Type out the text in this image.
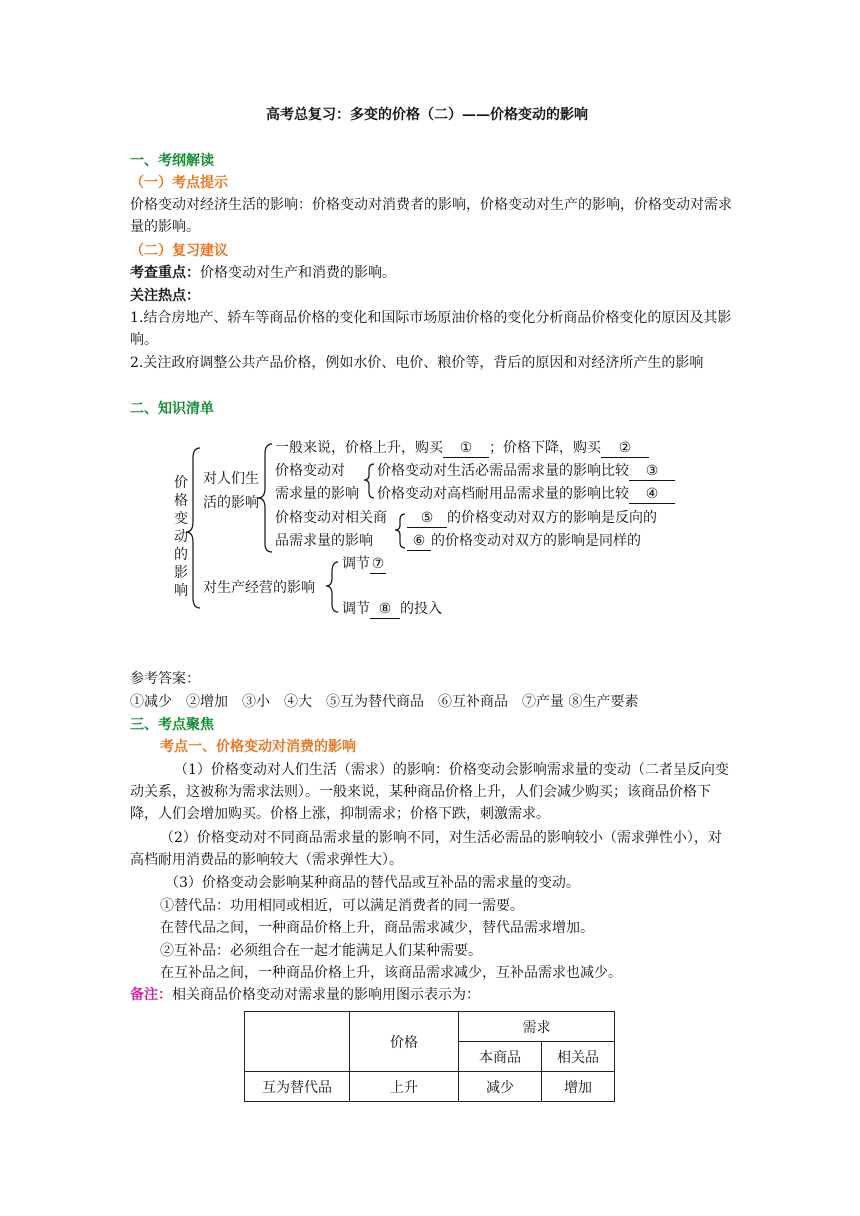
高考总复习：多变的价格（二）——价格变动的影响
一、考纲解读
（一）考点提示
价格变动对经济生活的影响：价格变动对消费者的影响，价格变动对生产的影响，价格变动对需求量的影响。
（二）复习建议
考查重点：价格变动对生产和消费的影响。
关注热点：
1.结合房地产、轿车等商品价格的变化和国际市场原油价格的变化分析商品价格变化的原因及其影响。
2.关注政府调整公共产品价格，例如水价、电价、粮价等，背后的原因和对经济所产生的影响
二、知识清单
价格变动的影响
对人们生
活的影响
一般来说，价格上升，购买 ① ；价格下降，购买 ②
价格变动对
需求量的影响
价格变动对生活必需品需求量的影响比较 ③
价格变动对高档耐用品需求量的影响比较 ④
价格变动对相关商
品需求量的影响
⑤ 的价格变动对双方的影响是反向的
⑥ 的价格变动对双方的影响是同样的
对生产经营的影响
调节 ⑦
调节 ⑧ 的投入
参考答案：
①减少　②增加　③小　④大　⑤互为替代商品　⑥互补商品　⑦产量 ⑧生产要素
三、考点聚焦
考点一、价格变动对消费的影响
（1）价格变动对人们生活（需求）的影响：价格变动会影响需求量的变动（二者呈反向变动关系，这被称为需求法则）。一般来说，某种商品价格上升，人们会减少购买；该商品价格下降，人们会增加购买。价格上涨，抑制需求；价格下跌，刺激需求。
（2）价格变动对不同商品需求量的影响不同，对生活必需品的影响较小（需求弹性小），对高档耐用消费品的影响较大（需求弹性大）。
（3）价格变动会影响某种商品的替代品或互补品的需求量的变动。
①替代品：功用相同或相近，可以满足消费者的同一需要。
在替代品之间，一种商品价格上升，商品需求减少，替代品需求增加。
②互补品：必须组合在一起才能满足人们某种需要。
在互补品之间，一种商品价格上升，该商品需求减少，互补品需求也减少。
备注：相关商品价格变动对需求量的影响用图示表示为：
	价格	需求	
		本商品	相关品
互为替代品	上升	减少	增加
